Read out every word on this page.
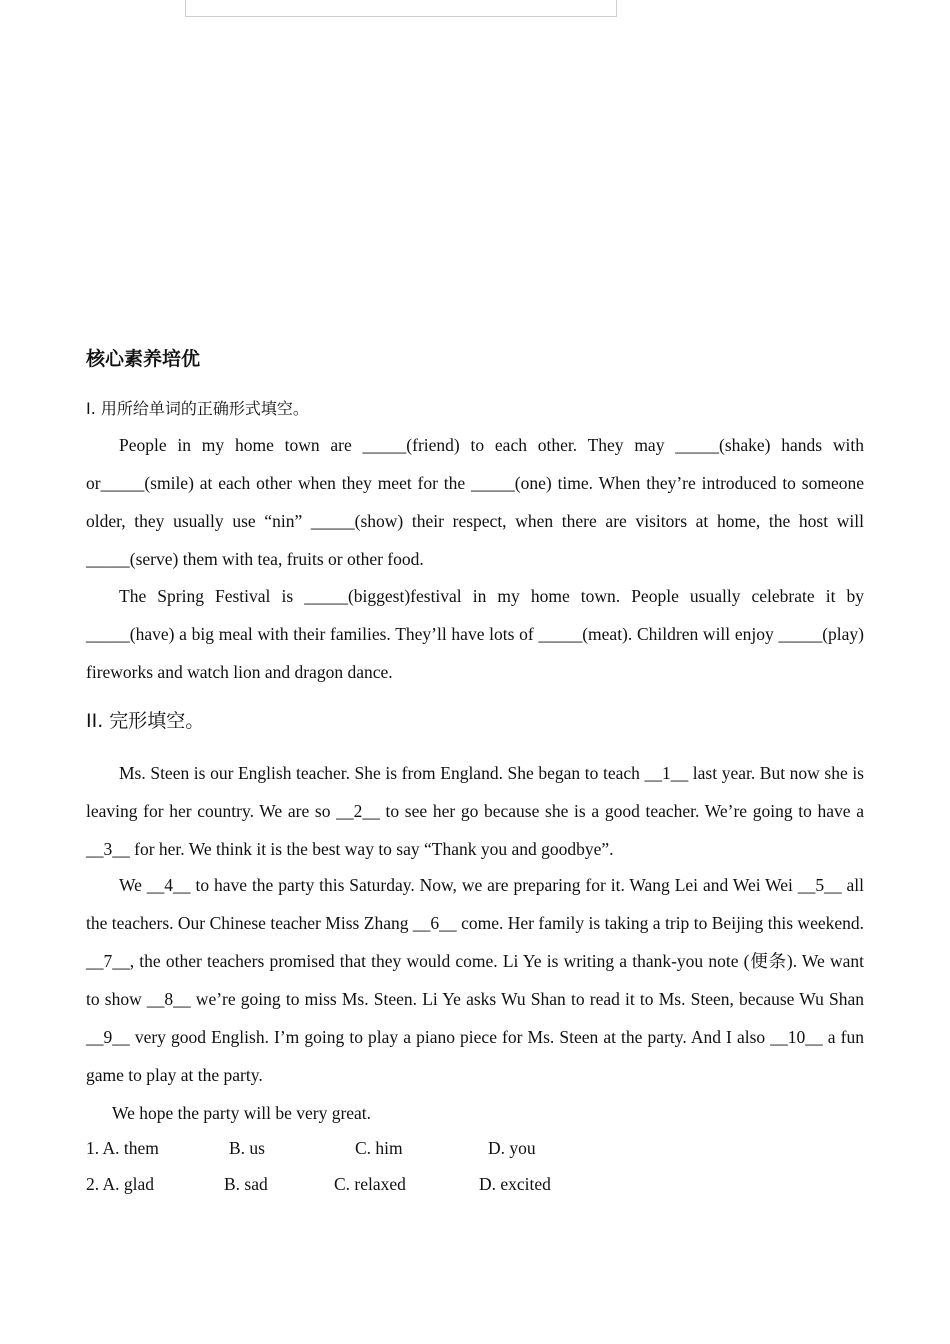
核心素养培优
I. 用所给单词的正确形式填空。

People in my home town are _____(friend) to each other. They may _____(shake) hands with or_____(smile) at each other when they meet for the _____(one) time. When they’re introduced to someone older, they usually use “nin” _____(show) their respect, when there are visitors at home, the host will _____(serve) them with tea, fruits or other food.

The Spring Festival is _____(biggest)festival in my home town. People usually celebrate it by _____(have) a big meal with their families. They’ll have lots of _____(meat). Children will enjoy _____(play) fireworks and watch lion and dragon dance.

II. 完形填空。

Ms. Steen is our English teacher. She is from England. She began to teach __1__ last year. But now she is leaving for her country. We are so __2__ to see her go because she is a good teacher. We’re going to have a __3__ for her. We think it is the best way to say “Thank you and goodbye”.

We __4__ to have the party this Saturday. Now, we are preparing for it. Wang Lei and Wei Wei __5__ all the teachers. Our Chinese teacher Miss Zhang __6__ come. Her family is taking a trip to Beijing this weekend. __7__, the other teachers promised that they would come. Li Ye is writing a thank-you note (便条). We want to show __8__ we’re going to miss Ms. Steen. Li Ye asks Wu Shan to read it to Ms. Steen, because Wu Shan __9__ very good English. I’m going to play a piano piece for Ms. Steen at the party. And I also __10__ a fun game to play at the party.

We hope the party will be very great.

1. A. them	B. us	C. him	D. you
2. A. glad	B. sad	C. relaxed	D. excited
